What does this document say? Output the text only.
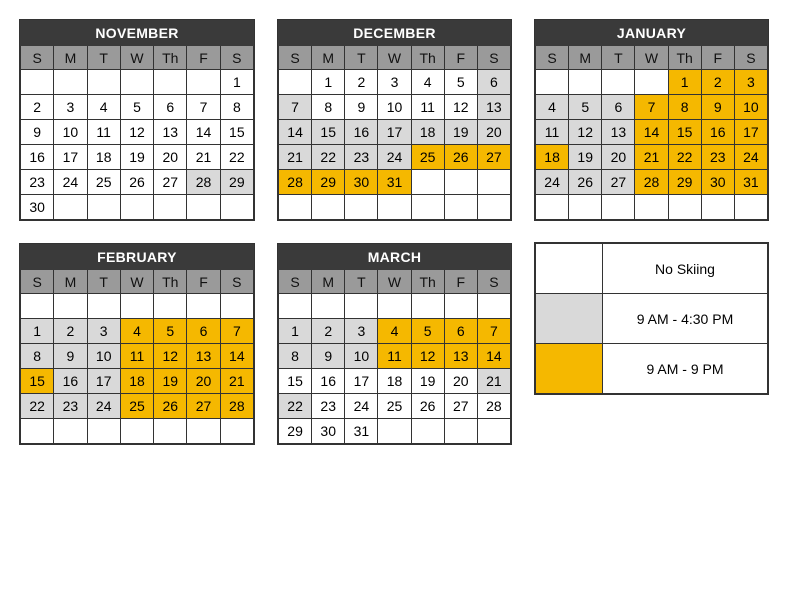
NOVEMBER						
S	M	T	W	Th	F	S
						1
2	3	4	5	6	7	8
9	10	11	12	13	14	15
16	17	18	19	20	21	22
23	24	25	26	27	28	29
30						
DECEMBER						
S	M	T	W	Th	F	S
	1	2	3	4	5	6
7	8	9	10	11	12	13
14	15	16	17	18	19	20
21	22	23	24	25	26	27
28	29	30	31			

JANUARY						
S	M	T	W	Th	F	S
				1	2	3
4	5	6	7	8	9	10
11	12	13	14	15	16	17
18	19	20	21	22	23	24
24	26	27	28	29	30	31

FEBRUARY						
S	M	T	W	Th	F	S

1	2	3	4	5	6	7
8	9	10	11	12	13	14
15	16	17	18	19	20	21
22	23	24	25	26	27	28

MARCH						
S	M	T	W	Th	F	S

1	2	3	4	5	6	7
8	9	10	11	12	13	14
15	16	17	18	19	20	21
22	23	24	25	26	27	28
29	30	31				
	No Skiing
	9 AM - 4:30 PM
	9 AM - 9 PM
